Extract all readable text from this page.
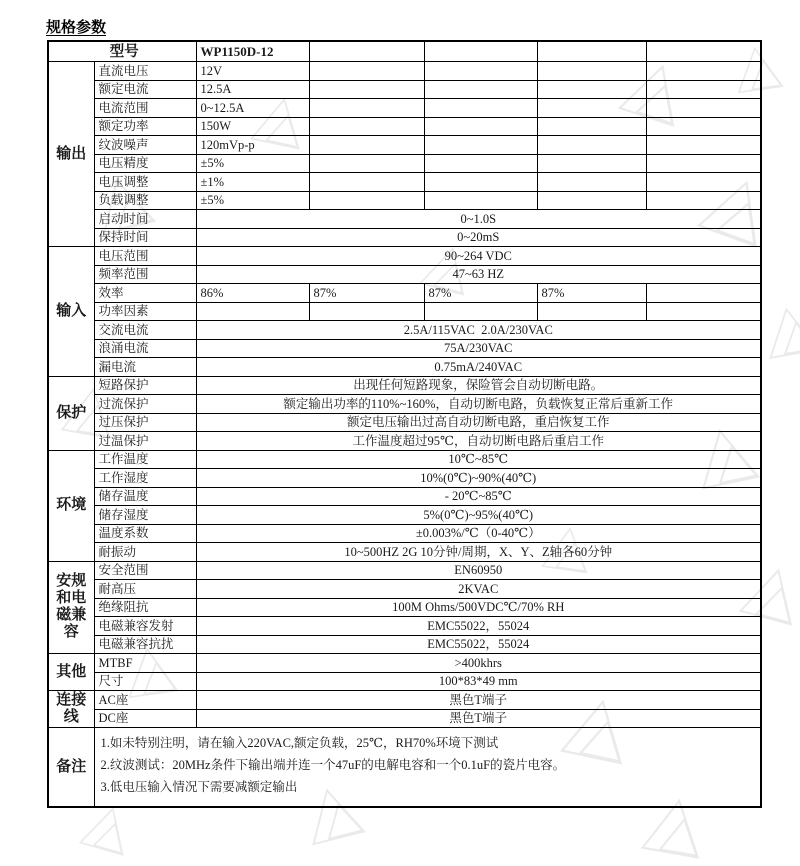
规格参数
型号		WP1150D-12				
输出	直流电压	12V				
	额定电流	12.5A				
	电流范围	0~12.5A				
	额定功率	150W				
	纹波噪声	120mVp-p				
	电压精度	±5%				
	电压调整	±1%				
	负载调整	±5%				
	启动时间	0~1.0S				
	保持时间	0~20mS				
输入	电压范围	90~264 VDC				
	频率范围	47~63 HZ				
	效率	86%	87%	87%	87%	
	功率因素					
	交流电流	2.5A/115VAC  2.0A/230VAC				
	浪涌电流	75A/230VAC				
	漏电流	0.75mA/240VAC				
保护	短路保护	出现任何短路现象，保险管会自动切断电路。				
	过流保护	额定输出功率的110%~160%，自动切断电路，负载恢复正常后重新工作				
	过压保护	额定电压输出过高自动切断电路，重启恢复工作				
	过温保护	工作温度超过95℃，自动切断电路后重启工作				
环境	工作温度	10℃~85℃				
	工作湿度	10%(0℃)~90%(40℃)				
	储存温度	- 20℃~85℃				
	储存湿度	5%(0℃)~95%(40℃)				
	温度系数	±0.003%/℃（0-40℃）				
	耐振动	10~500HZ 2G 10分钟/周期，X、Y、Z轴各60分钟				
安规和电磁兼容	安全范围	EN60950				
	耐高压	2KVAC				
	绝缘阻抗	100M Ohms/500VDC℃/70% RH				
	电磁兼容发射	EMC55022，55024				
	电磁兼容抗扰	EMC55022，55024				
其他	MTBF	>400khrs				
	尺寸	100*83*49 mm				
连接线	AC座	黑色T端子				
	DC座	黑色T端子				
备注	1.如未特别注明，请在输入220VAC,额定负载，25℃，RH70%环境下测试
2.纹波测试：20MHz条件下输出端并连一个47uF的电解电容和一个0.1uF的瓷片电容。
3.低电压输入情况下需要减额定输出					
